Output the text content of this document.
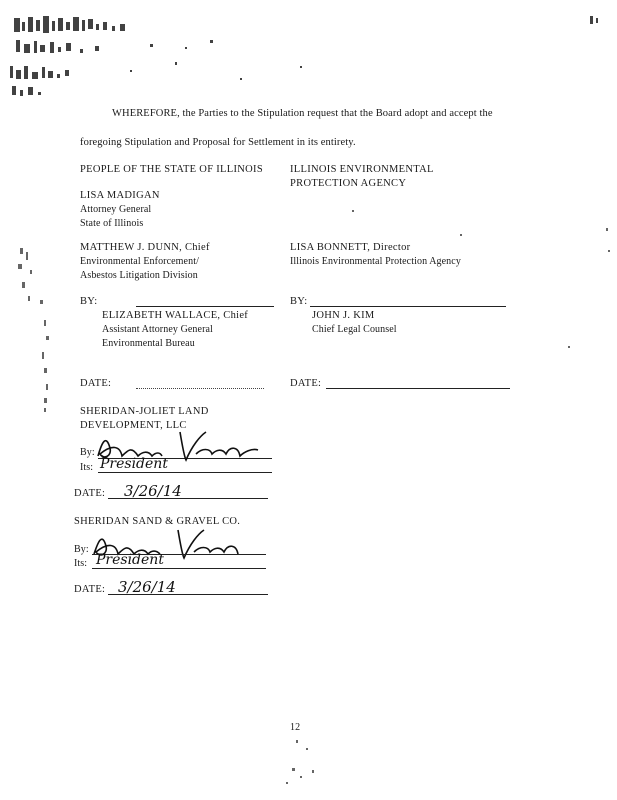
WHEREFORE, the Parties to the Stipulation request that the Board adopt and accept the
foregoing Stipulation and Proposal for Settlement in its entirety.
PEOPLE OF THE STATE OF ILLINOIS
LISA MADIGAN
Attorney General
State of Illinois
MATTHEW J. DUNN, Chief
Environmental Enforcement/
Asbestos Litigation Division
BY:
ELIZABETH WALLACE, Chief
Assistant Attorney General
Environmental Bureau
DATE:
ILLINOIS ENVIRONMENTAL
PROTECTION AGENCY
LISA BONNETT, Director
Illinois Environmental Protection Agency
BY:
JOHN J. KIM
Chief Legal Counsel
DATE:
SHERIDAN-JOLIET LAND
DEVELOPMENT, LLC
By:
Its: President
DATE: 3/26/14
SHERIDAN SAND & GRAVEL CO.
By:
Its: President
DATE: 3/26/14
12
